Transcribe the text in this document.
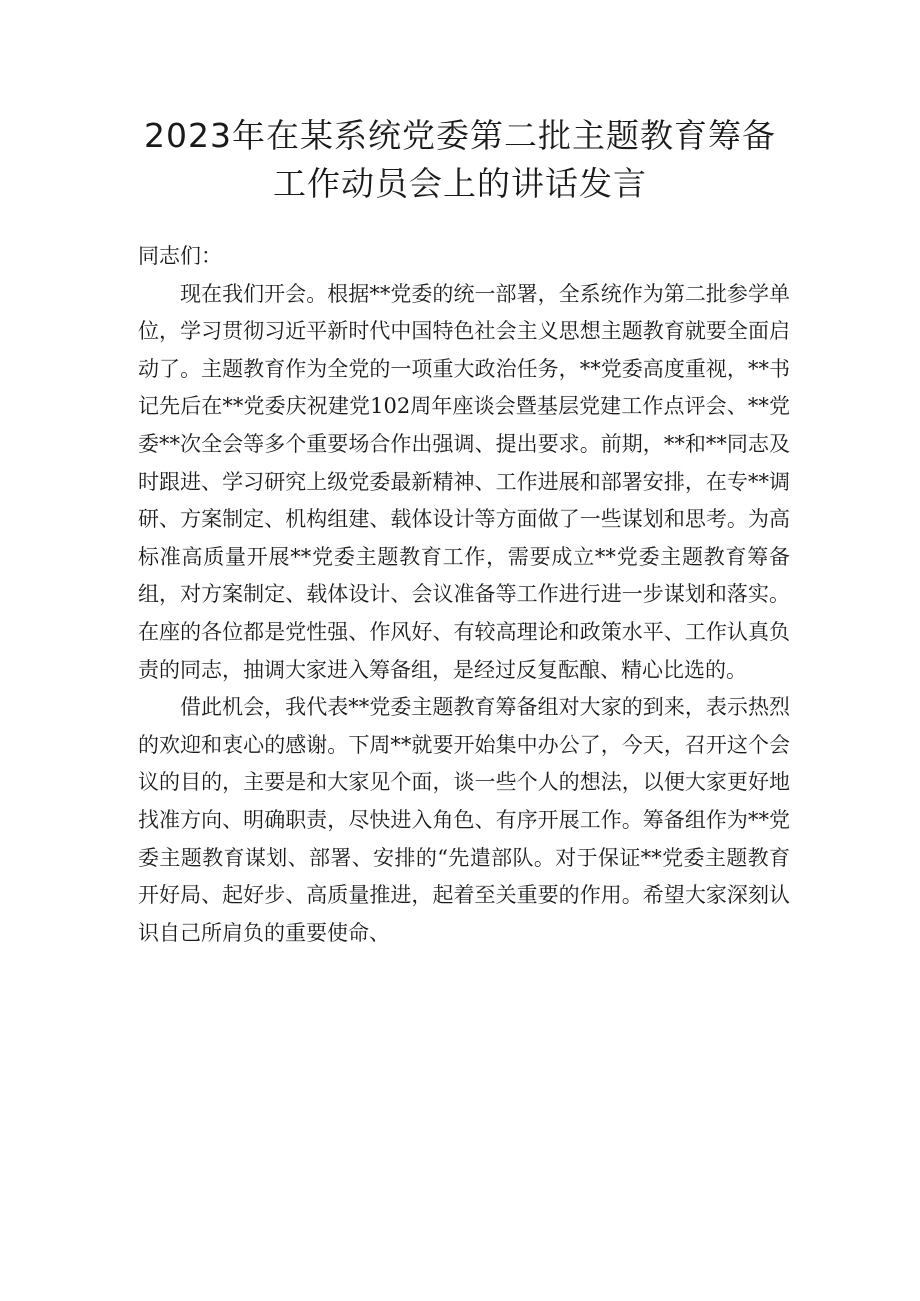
2023年在某系统党委第二批主题教育筹备
工作动员会上的讲话发言

同志们：

现在我们开会。根据**党委的统一部署，全系统作为第二批参学单位，学习贯彻习近平新时代中国特色社会主义思想主题教育就要全面启动了。主题教育作为全党的一项重大政治任务，**党委高度重视，**书记先后在**党委庆祝建党102周年座谈会暨基层党建工作点评会、**党委**次全会等多个重要场合作出强调、提出要求。前期，**和**同志及时跟进、学习研究上级党委最新精神、工作进展和部署安排，在专**调研、方案制定、机构组建、载体设计等方面做了一些谋划和思考。为高标准高质量开展**党委主题教育工作，需要成立**党委主题教育筹备组，对方案制定、载体设计、会议准备等工作进行进一步谋划和落实。在座的各位都是党性强、作风好、有较高理论和政策水平、工作认真负责的同志，抽调大家进入筹备组，是经过反复酝酿、精心比选的。

借此机会，我代表**党委主题教育筹备组对大家的到来，表示热烈的欢迎和衷心的感谢。下周**就要开始集中办公了，今天，召开这个会议的目的，主要是和大家见个面，谈一些个人的想法，以便大家更好地找准方向、明确职责，尽快进入角色、有序开展工作。筹备组作为**党委主题教育谋划、部署、安排的“先遣部队。对于保证**党委主题教育开好局、起好步、高质量推进，起着至关重要的作用。希望大家深刻认识自己所肩负的重要使命、
